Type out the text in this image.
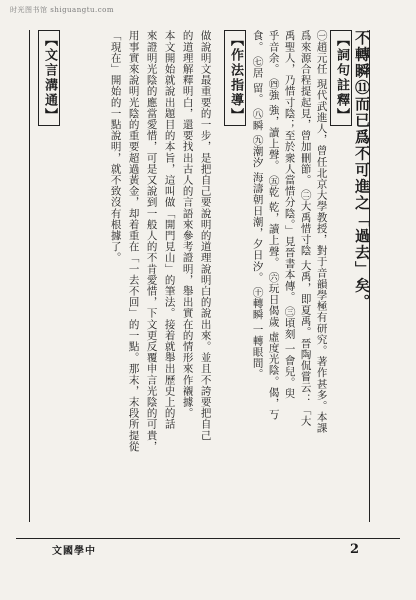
时光图书馆 shiguangtu.com
不轉瞬⑪而已爲不可進之「過去」矣。
【詞句註釋】
㊀趙元任 現代武進人，曾任北京大學教授，對于音韻學極有研究。著作甚多。本課
爲來源合程提起見，曾加刪節。 ㊁大禹惜寸陰 大禹，即夏禹。晉陶侃嘗云：「大
禹聖人，乃惜寸陰；至於衆人當惜分陰。」見晉書本傳。 ㊂頃刻 一會兒。臾
乎音余。 ㊃強 強，讀上聲。 ㊄乾 乾，讀上聲。 ㊅玩日偈歲 虛度光陰。偈，丂
食。 ㊆居 留。 ㊇瞬 ㊈潮汐 海濤朝日潮，夕日汐。 ㊉轉瞬 一轉眼間。
【作法指導】
做說明文最重要的一步，是把自己要說明的道理說明白的說出來。並且不誇要把自己
的道理解釋明白，還要找出古人的言語來參考證明，舉出實在的情形來作襯據。
本文開始就說出題目的本旨，這叫做「開門見山」的筆法。接着就舉出歷史上的話
來證明光陰的應當愛惜，可是又說到一般人的不肯愛惜，下文更反覆申言光陰的可貴，
用事實來說明光陰的重要超過黃金，却着重在「一去不回」的一點。那末，末段所提從
「現在」開始的一點說明，就不致沒有根據了。
【文言溝通】
文國學中	2
